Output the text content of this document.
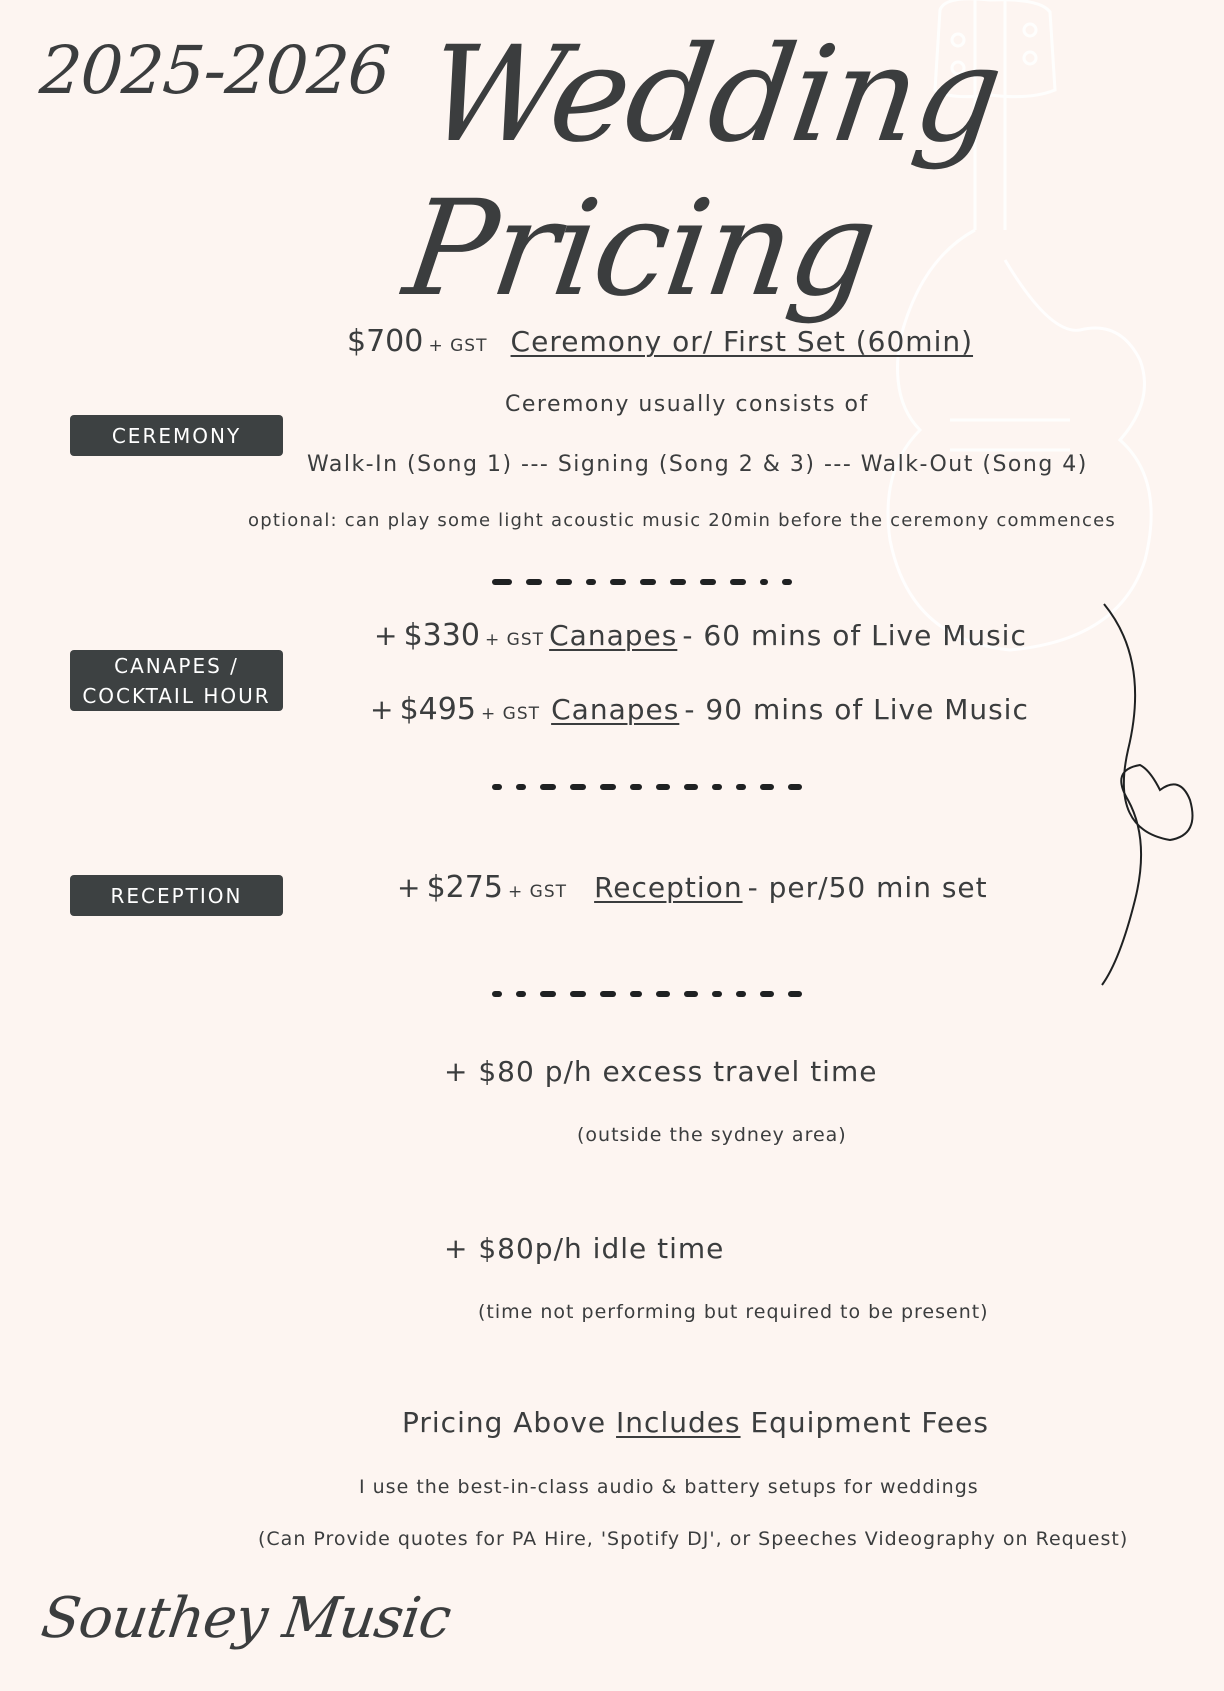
2025-2026 Wedding Pricing
CEREMONY
CANAPES /
COCKTAIL HOUR
RECEPTION
$700 + GST Ceremony or/ First Set (60min)
Ceremony usually consists of
Walk-In (Song 1) --- Signing (Song 2 & 3) --- Walk-Out (Song 4)
optional: can play some light acoustic music 20min before the ceremony commences
+ $330 + GST Canapes - 60 mins of Live Music
+ $495 + GST Canapes - 90 mins of Live Music
+ $275 + GST Reception - per/50 min set
+ $80 p/h excess travel time
(outside the sydney area)
+ $80p/h idle time
(time not performing but required to be present)
Pricing Above Includes Equipment Fees
I use the best-in-class audio & battery setups for weddings
(Can Provide quotes for PA Hire, 'Spotify DJ', or Speeches Videography on Request)
Southey Music
